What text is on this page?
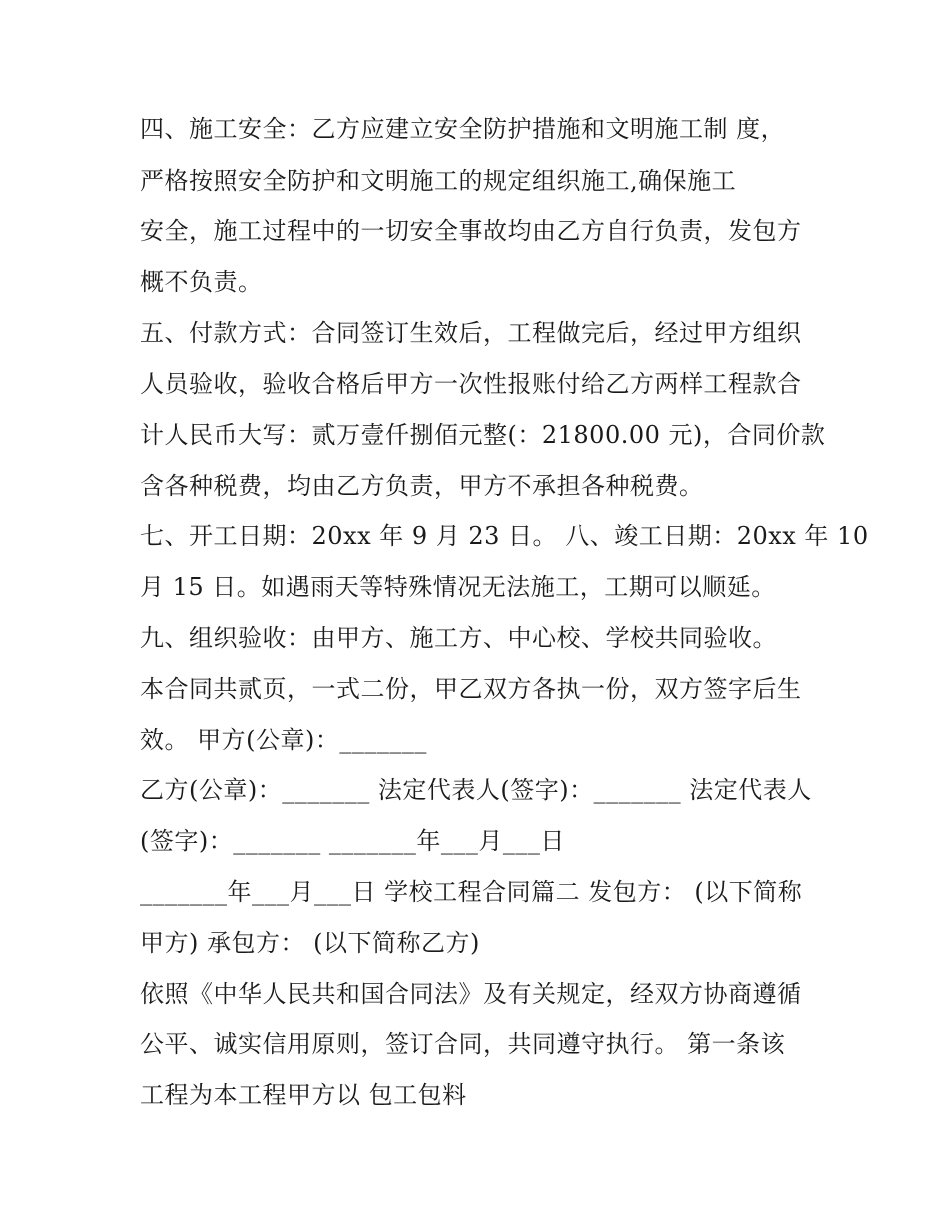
四、施工安全：乙方应建立安全防护措施和文明施工制 度，
严格按照安全防护和文明施工的规定组织施工,确保施工
安全，施工过程中的一切安全事故均由乙方自行负责，发包方
概不负责。
五、付款方式：合同签订生效后，工程做完后，经过甲方组织
人员验收，验收合格后甲方一次性报账付给乙方两样工程款合
计人民币大写：贰万壹仟捌佰元整(：21800.00 元)，合同价款
含各种税费，均由乙方负责，甲方不承担各种税费。
七、开工日期：20xx 年 9 月 23 日。 八、竣工日期：20xx 年 10
月 15 日。如遇雨天等特殊情况无法施工，工期可以顺延。
九、组织验收：由甲方、施工方、中心校、学校共同验收。
本合同共贰页，一式二份，甲乙双方各执一份，双方签字后生
效。 甲方(公章)：_______
乙方(公章)：_______ 法定代表人(签字)：_______ 法定代表人
(签字)：_______ _______年___月___日
_______年___月___日 学校工程合同篇二 发包方： (以下简称
甲方) 承包方： (以下简称乙方)
依照《中华人民共和国合同法》及有关规定，经双方协商遵循
公平、诚实信用原则，签订合同，共同遵守执行。 第一条该
工程为本工程甲方以 包工包料
